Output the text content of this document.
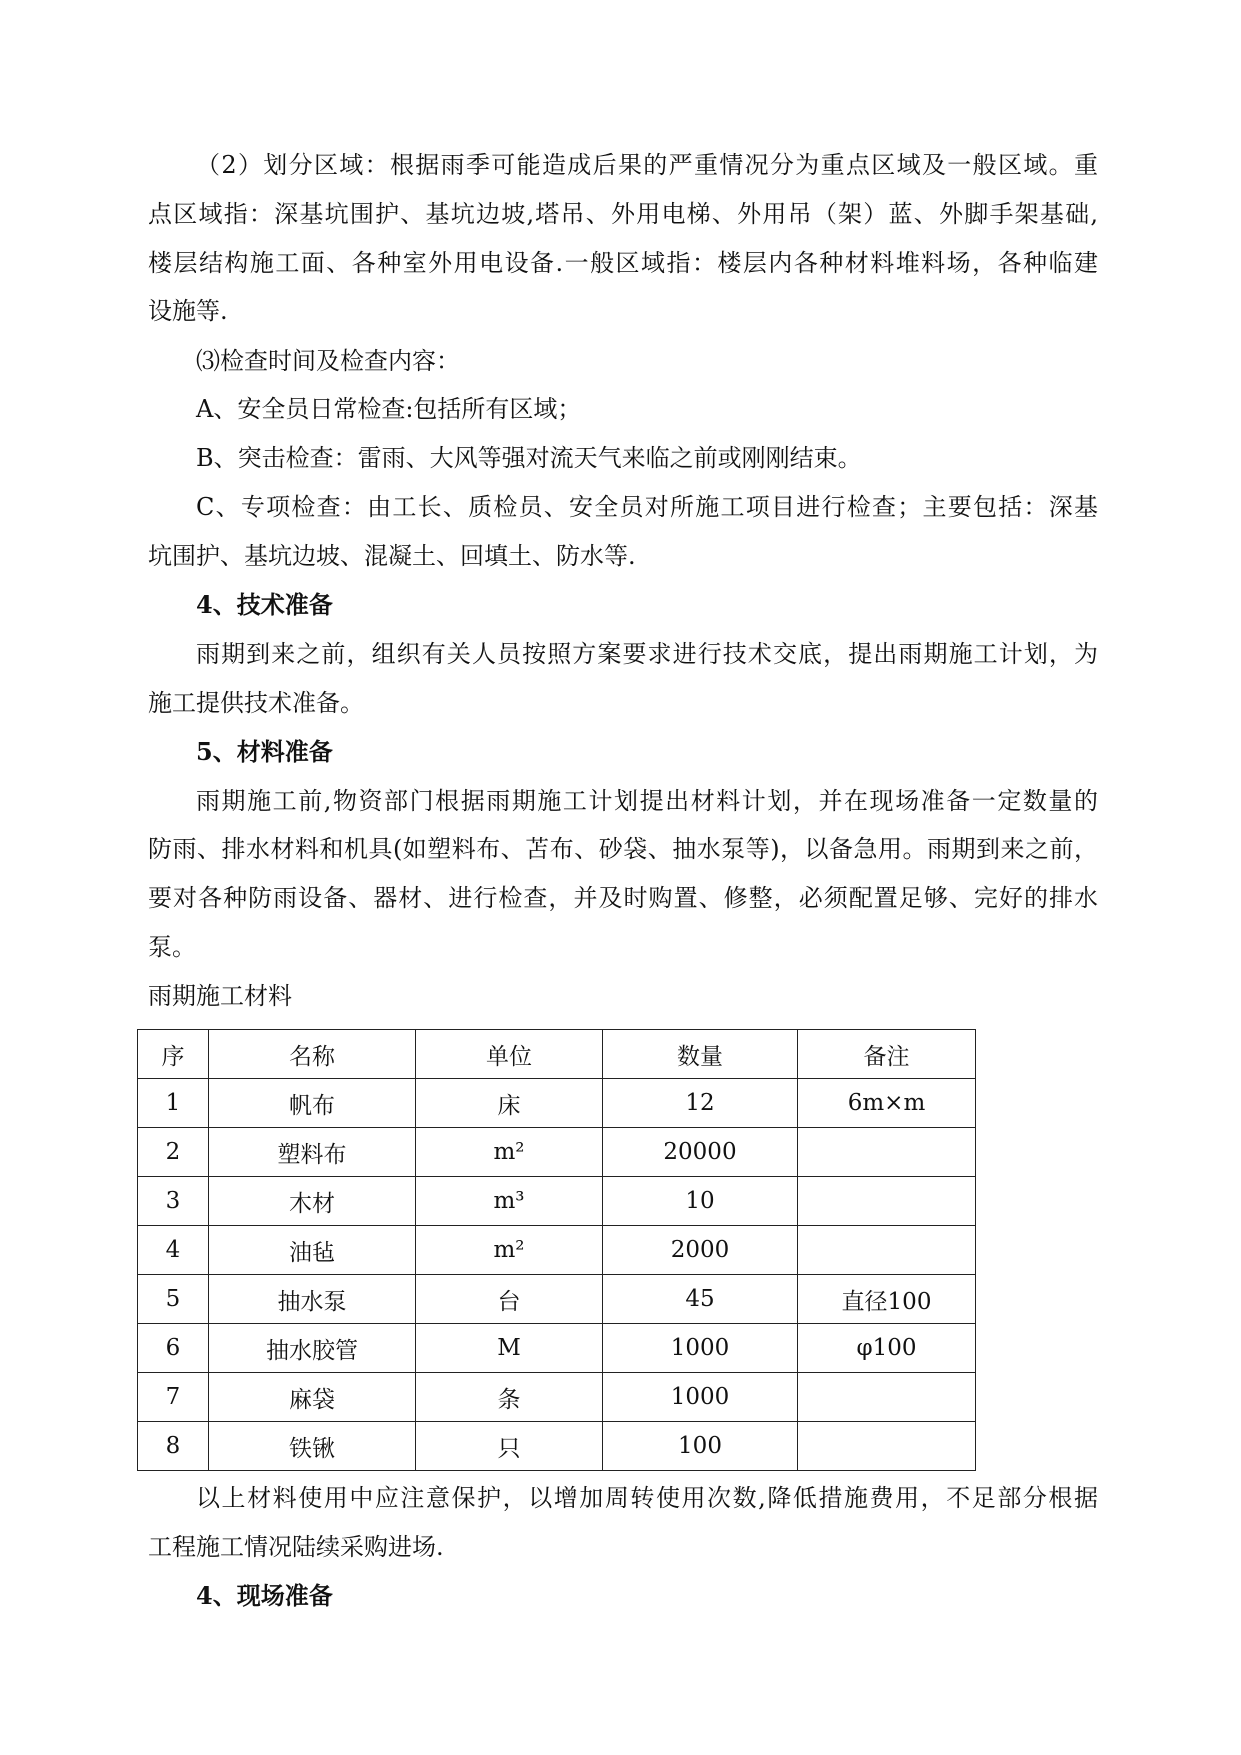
（2）划分区域：根据雨季可能造成后果的严重情况分为重点区域及一般区域。重
点区域指：深基坑围护、基坑边坡,塔吊、外用电梯、外用吊（架）蓝、外脚手架基础,
楼层结构施工面、各种室外用电设备.一般区域指：楼层内各种材料堆料场，各种临建
设施等.
⑶检查时间及检查内容：
A、安全员日常检查:包括所有区域；
B、突击检查：雷雨、大风等强对流天气来临之前或刚刚结束。
C、专项检查：由工长、质检员、安全员对所施工项目进行检查；主要包括：深基
坑围护、基坑边坡、混凝土、回填土、防水等.
4、技术准备
雨期到来之前，组织有关人员按照方案要求进行技术交底，提出雨期施工计划，为
施工提供技术准备。
5、材料准备
雨期施工前,物资部门根据雨期施工计划提出材料计划，并在现场准备一定数量的
防雨、排水材料和机具(如塑料布、苫布、砂袋、抽水泵等)，以备急用。雨期到来之前，
要对各种防雨设备、器材、进行检查，并及时购置、修整，必须配置足够、完好的排水
泵。
雨期施工材料
序	名称	单位	数量	备注
1	帆布	床	12	6m×m
2	塑料布	m²	20000	
3	木材	m³	10	
4	油毡	m²	2000	
5	抽水泵	台	45	直径100
6	抽水胶管	M	1000	φ100
7	麻袋	条	1000	
8	铁锹	只	100	
以上材料使用中应注意保护，以增加周转使用次数,降低措施费用，不足部分根据
工程施工情况陆续采购进场.
4、现场准备
